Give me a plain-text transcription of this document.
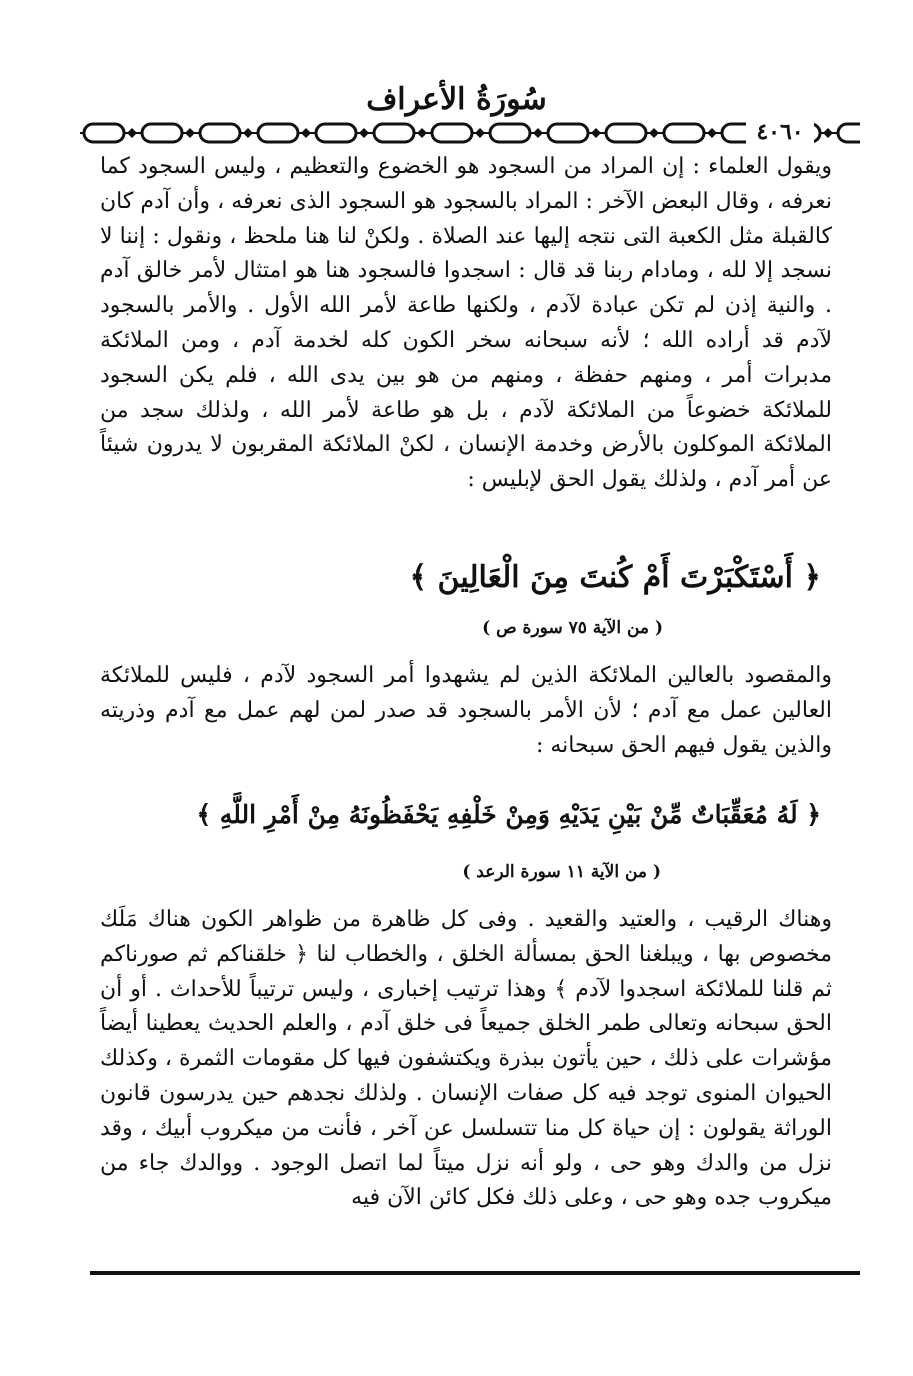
سُورَةُ الأعراف
٤٠٦٠

ويقول العلماء : إن المراد من السجود هو الخضوع والتعظيم ، وليس السجود كما نعرفه ، وقال البعض الآخر : المراد بالسجود هو السجود الذى نعرفه ، وأن آدم كان كالقبلة مثل الكعبة التى نتجه إليها عند الصلاة . ولكنْ لنا هنا ملحظ ، ونقول : إننا لا نسجد إلا لله ، ومادام ربنا قد قال : اسجدوا فالسجود هنا هو امتثال لأمر خالق آدم . والنية إذن لم تكن عبادة لآدم ، ولكنها طاعة لأمر الله الأول . والأمر بالسجود لآدم قد أراده الله ؛ لأنه سبحانه سخر الكون كله لخدمة آدم ، ومن الملائكة مدبرات أمر ، ومنهم حفظة ، ومنهم من هو بين يدى الله ، فلم يكن السجود للملائكة خضوعاً من الملائكة لآدم ، بل هو طاعة لأمر الله ، ولذلك سجد من الملائكة الموكلون بالأرض وخدمة الإنسان ، لكنْ الملائكة المقربون لا يدرون شيئاً عن أمر آدم ، ولذلك يقول الحق لإبليس :

﴿ أَسْتَكْبَرْتَ أَمْ كُنتَ مِنَ الْعَالِينَ ﴾
( من الآية ٧٥ سورة ص )

والمقصود بالعالين الملائكة الذين لم يشهدوا أمر السجود لآدم ، فليس للملائكة العالين عمل مع آدم ؛ لأن الأمر بالسجود قد صدر لمن لهم عمل مع آدم وذريته والذين يقول فيهم الحق سبحانه :

﴿ لَهُ مُعَقِّبَاتٌ مِّنْ بَيْنِ يَدَيْهِ وَمِنْ خَلْفِهِ يَحْفَظُونَهُ مِنْ أَمْرِ اللَّهِ ﴾
( من الآية ١١ سورة الرعد )

وهناك الرقيب ، والعتيد والقعيد . وفى كل ظاهرة من ظواهر الكون هناك مَلَك مخصوص بها ، ويبلغنا الحق بمسألة الخلق ، والخطاب لنا ﴿ خلقناكم ثم صورناكم ثم قلنا للملائكة اسجدوا لآدم ﴾ وهذا ترتيب إخبارى ، وليس ترتيباً للأحداث . أو أن الحق سبحانه وتعالى طمر الخلق جميعاً فى خلق آدم ، والعلم الحديث يعطينا أيضاً مؤشرات على ذلك ، حين يأتون ببذرة ويكتشفون فيها كل مقومات الثمرة ، وكذلك الحيوان المنوى توجد فيه كل صفات الإنسان . ولذلك نجدهم حين يدرسون قانون الوراثة يقولون : إن حياة كل منا تتسلسل عن آخر ، فأنت من ميكروب أبيك ، وقد نزل من والدك وهو حى ، ولو أنه نزل ميتاً لما اتصل الوجود . ووالدك جاء من ميكروب جده وهو حى ، وعلى ذلك فكل كائن الآن فيه
